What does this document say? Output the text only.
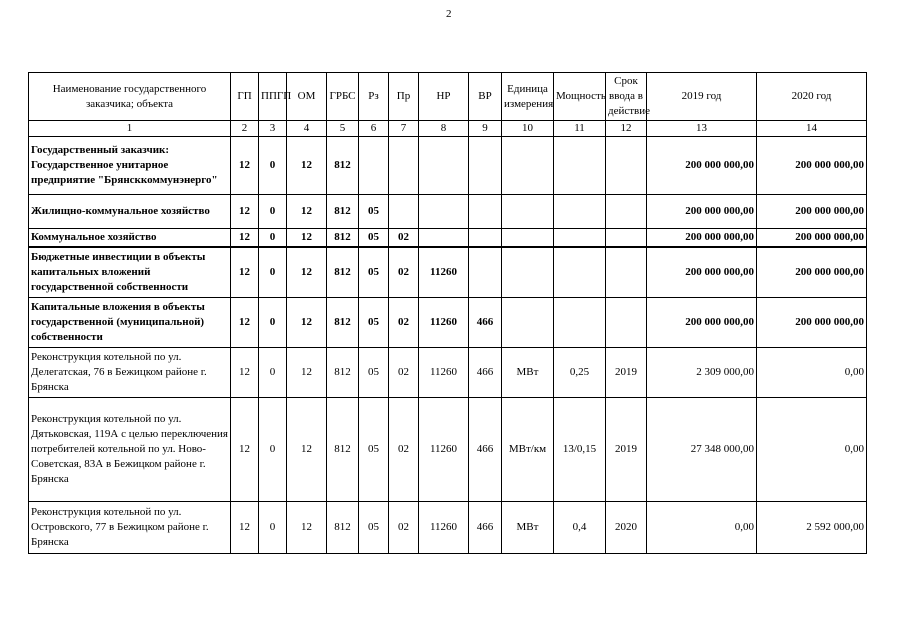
2
Наименование государственного заказчика; объекта	ГП	ППГП	ОМ	ГРБС	Рз	Пр	НР	ВР	Единица измерения	Мощность	Срок ввода в действие	2019 год	2020 год
1	2	3	4	5	6	7	8	9	10	11	12	13	14
Государственный заказчик: Государственное унитарное предприятие "Брянсккоммунэнерго"	12	0	12	812								200 000 000,00	200 000 000,00
Жилищно-коммунальное хозяйство	12	0	12	812	05							200 000 000,00	200 000 000,00
Коммунальное хозяйство	12	0	12	812	05	02						200 000 000,00	200 000 000,00
Бюджетные инвестиции в объекты капитальных вложений государственной собственности	12	0	12	812	05	02	11260					200 000 000,00	200 000 000,00
Капитальные вложения в объекты государственной (муниципальной) собственности	12	0	12	812	05	02	11260	466				200 000 000,00	200 000 000,00
Реконструкция котельной по ул. Делегатская, 76 в Бежицком районе г. Брянска	12	0	12	812	05	02	11260	466	МВт	0,25	2019	2 309 000,00	0,00
Реконструкция котельной по ул. Дятьковская, 119А с целью переключения потребителей котельной по ул. Ново-Советская, 83А в Бежицком районе г. Брянска	12	0	12	812	05	02	11260	466	МВт/км	13/0,15	2019	27 348 000,00	0,00
Реконструкция котельной по ул. Островского, 77 в Бежицком районе г. Брянска	12	0	12	812	05	02	11260	466	МВт	0,4	2020	0,00	2 592 000,00
